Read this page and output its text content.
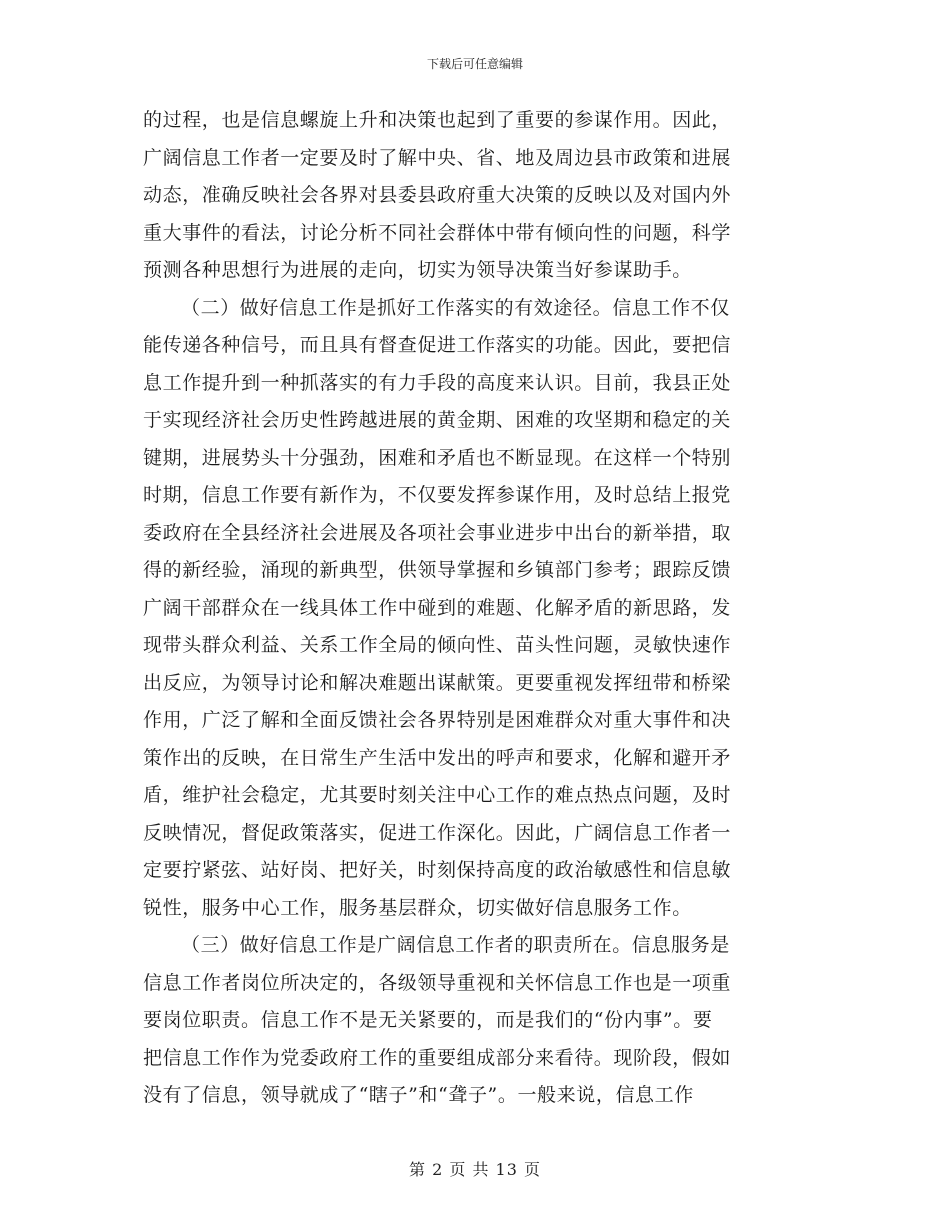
下载后可任意编辑
的过程，也是信息螺旋上升和决策也起到了重要的参谋作用。因此，
广阔信息工作者一定要及时了解中央、省、地及周边县市政策和进展
动态，准确反映社会各界对县委县政府重大决策的反映以及对国内外
重大事件的看法，讨论分析不同社会群体中带有倾向性的问题，科学
预测各种思想行为进展的走向，切实为领导决策当好参谋助手。
（二）做好信息工作是抓好工作落实的有效途径。信息工作不仅
能传递各种信号，而且具有督查促进工作落实的功能。因此，要把信
息工作提升到一种抓落实的有力手段的高度来认识。目前，我县正处
于实现经济社会历史性跨越进展的黄金期、困难的攻坚期和稳定的关
键期，进展势头十分强劲，困难和矛盾也不断显现。在这样一个特别
时期，信息工作要有新作为，不仅要发挥参谋作用，及时总结上报党
委政府在全县经济社会进展及各项社会事业进步中出台的新举措，取
得的新经验，涌现的新典型，供领导掌握和乡镇部门参考；跟踪反馈
广阔干部群众在一线具体工作中碰到的难题、化解矛盾的新思路，发
现带头群众利益、关系工作全局的倾向性、苗头性问题，灵敏快速作
出反应，为领导讨论和解决难题出谋献策。更要重视发挥纽带和桥梁
作用，广泛了解和全面反馈社会各界特别是困难群众对重大事件和决
策作出的反映，在日常生产生活中发出的呼声和要求，化解和避开矛
盾，维护社会稳定，尤其要时刻关注中心工作的难点热点问题，及时
反映情况，督促政策落实，促进工作深化。因此，广阔信息工作者一
定要拧紧弦、站好岗、把好关，时刻保持高度的政治敏感性和信息敏
锐性，服务中心工作，服务基层群众，切实做好信息服务工作。
（三）做好信息工作是广阔信息工作者的职责所在。信息服务是
信息工作者岗位所决定的，各级领导重视和关怀信息工作也是一项重
要岗位职责。信息工作不是无关紧要的，而是我们的“份内事”。要
把信息工作作为党委政府工作的重要组成部分来看待。现阶段，假如
没有了信息，领导就成了“瞎子”和“聋子”。一般来说，信息工作
第 2 页 共 13 页
